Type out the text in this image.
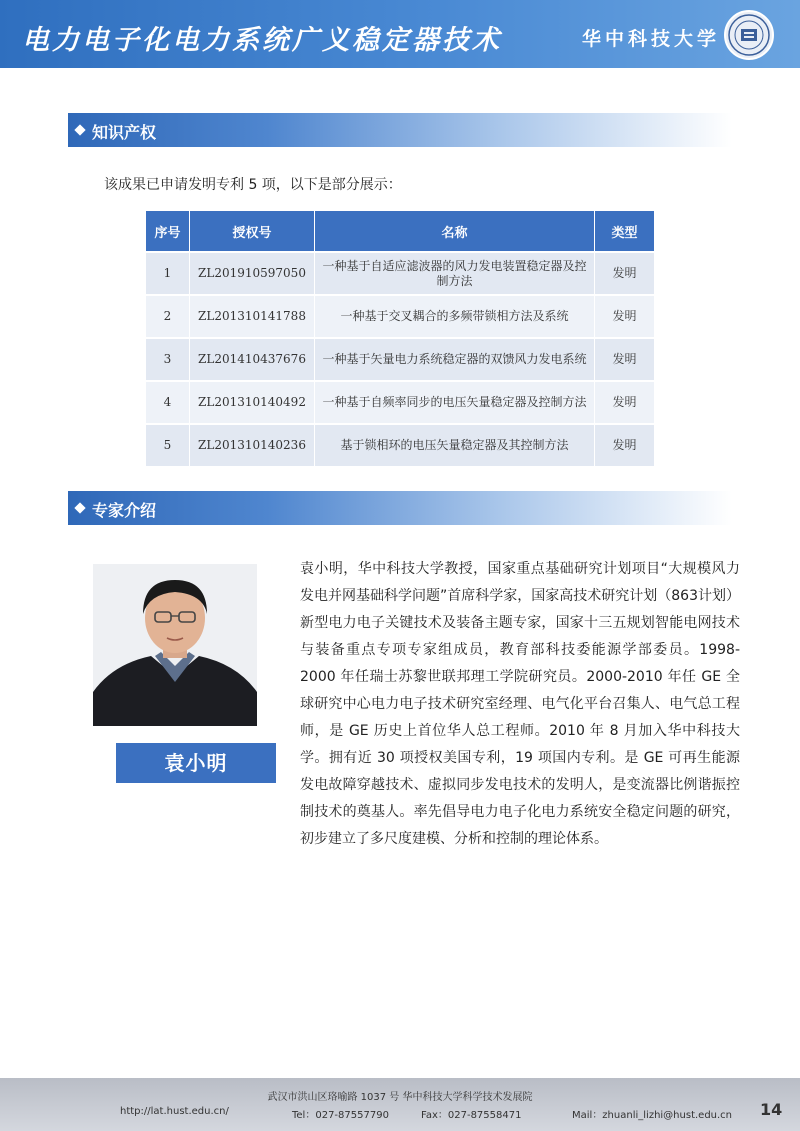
电力电子化电力系统广义稳定器技术	华中科技大学
知识产权
该成果已申请发明专利 5 项，以下是部分展示：
序号	授权号	名称	类型
1	ZL201910597050	一种基于自适应滤波器的风力发电装置稳定器及控制方法	发明
2	ZL201310141788	一种基于交叉耦合的多频带锁相方法及系统	发明
3	ZL201410437676	一种基于矢量电力系统稳定器的双馈风力发电系统	发明
4	ZL201310140492	一种基于自频率同步的电压矢量稳定器及控制方法	发明
5	ZL201310140236	基于锁相环的电压矢量稳定器及其控制方法	发明
专家介绍
袁小明
袁小明，华中科技大学教授，国家重点基础研究计划项目“大规模风力发电并网基础科学问题”首席科学家，国家高技术研究计划（863计划）新型电力电子关键技术及装备主题专家，国家十三五规划智能电网技术与装备重点专项专家组成员，教育部科技委能源学部委员。1998-2000 年任瑞士苏黎世联邦理工学院研究员。2000-2010 年任 GE 全球研究中心电力电子技术研究室经理、电气化平台召集人、电气总工程师，是 GE 历史上首位华人总工程师。2010 年 8 月加入华中科技大学。拥有近 30 项授权美国专利，19 项国内专利。是 GE 可再生能源发电故障穿越技术、虚拟同步发电技术的发明人，是变流器比例谐振控制技术的奠基人。率先倡导电力电子化电力系统安全稳定问题的研究，初步建立了多尺度建模、分析和控制的理论体系。
武汉市洪山区珞喻路 1037 号 华中科技大学科学技术发展院
http://lat.hust.edu.cn/	Tel：027-87557790	Fax：027-87558471	Mail：zhuanli_lizhi@hust.edu.cn 14
